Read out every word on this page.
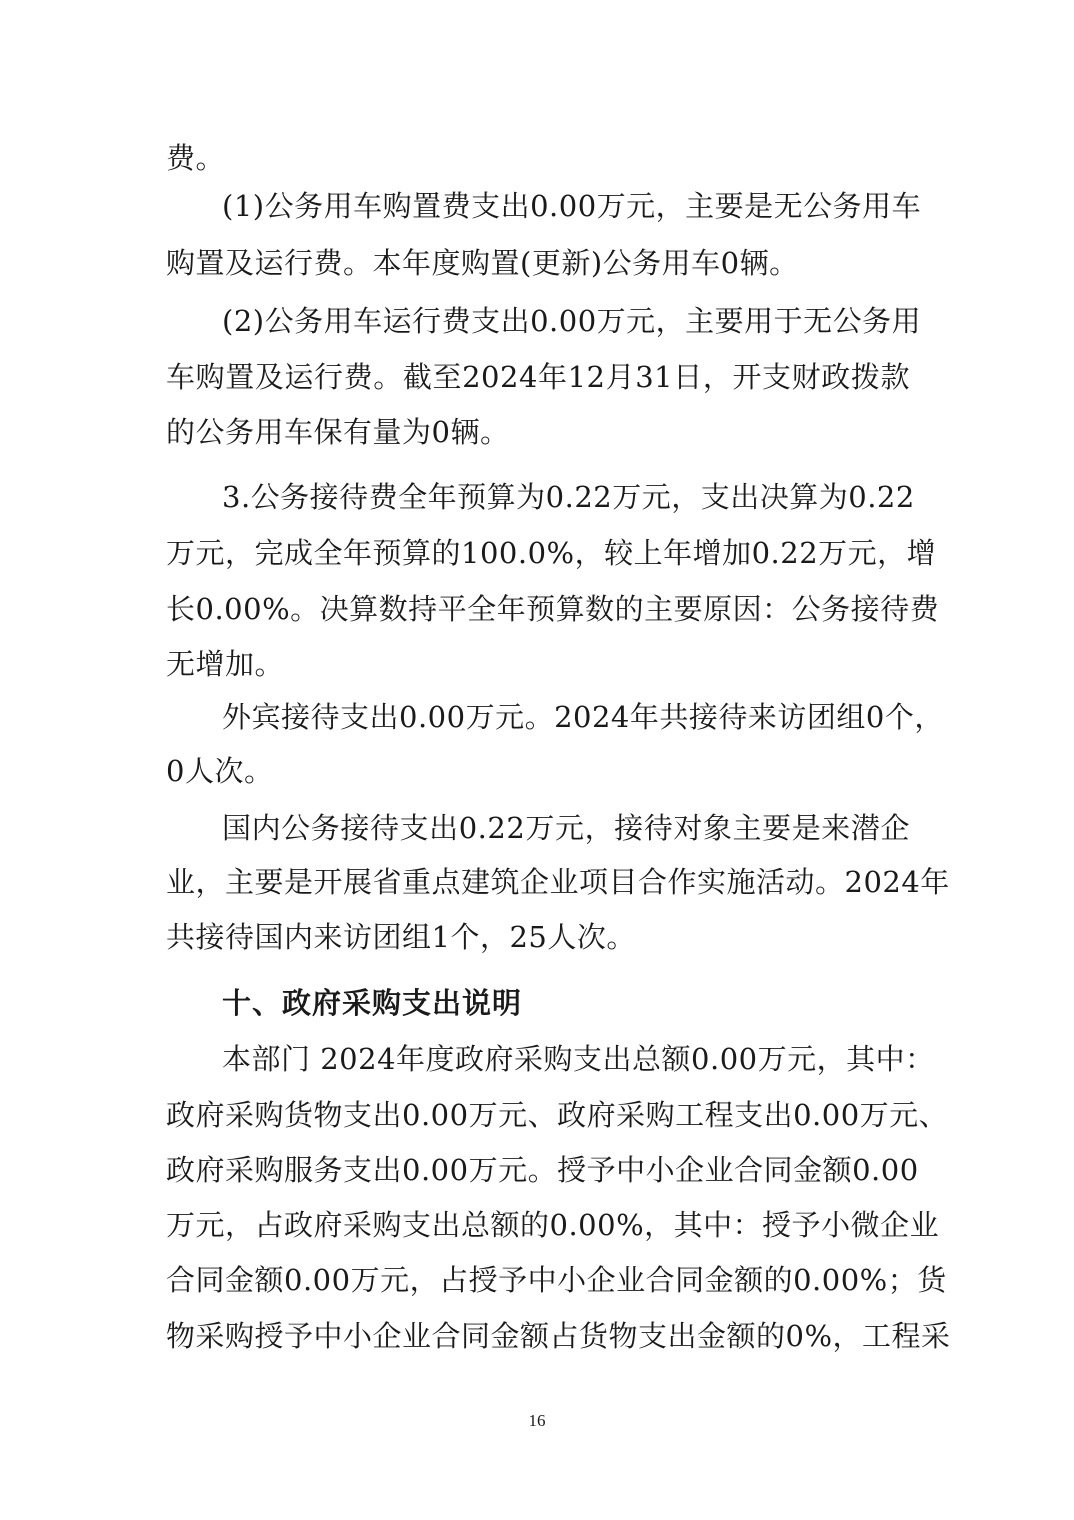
费。
(1)公务用车购置费支出0.00万元，主要是无公务用车
购置及运行费。本年度购置(更新)公务用车0辆。
(2)公务用车运行费支出0.00万元，主要用于无公务用
车购置及运行费。截至2024年12月31日，开支财政拨款
的公务用车保有量为0辆。
3.公务接待费全年预算为0.22万元，支出决算为0.22
万元，完成全年预算的100.0%，较上年增加0.22万元，增
长0.00%。决算数持平全年预算数的主要原因：公务接待费
无增加。
外宾接待支出0.00万元。2024年共接待来访团组0个，
0人次。
国内公务接待支出0.22万元，接待对象主要是来潜企
业，主要是开展省重点建筑企业项目合作实施活动。2024年
共接待国内来访团组1个，25人次。
十、政府采购支出说明
本部门 2024年度政府采购支出总额0.00万元，其中：
政府采购货物支出0.00万元、政府采购工程支出0.00万元、
政府采购服务支出0.00万元。授予中小企业合同金额0.00
万元，占政府采购支出总额的0.00%，其中：授予小微企业
合同金额0.00万元，占授予中小企业合同金额的0.00%；货
物采购授予中小企业合同金额占货物支出金额的0%，工程采
16
